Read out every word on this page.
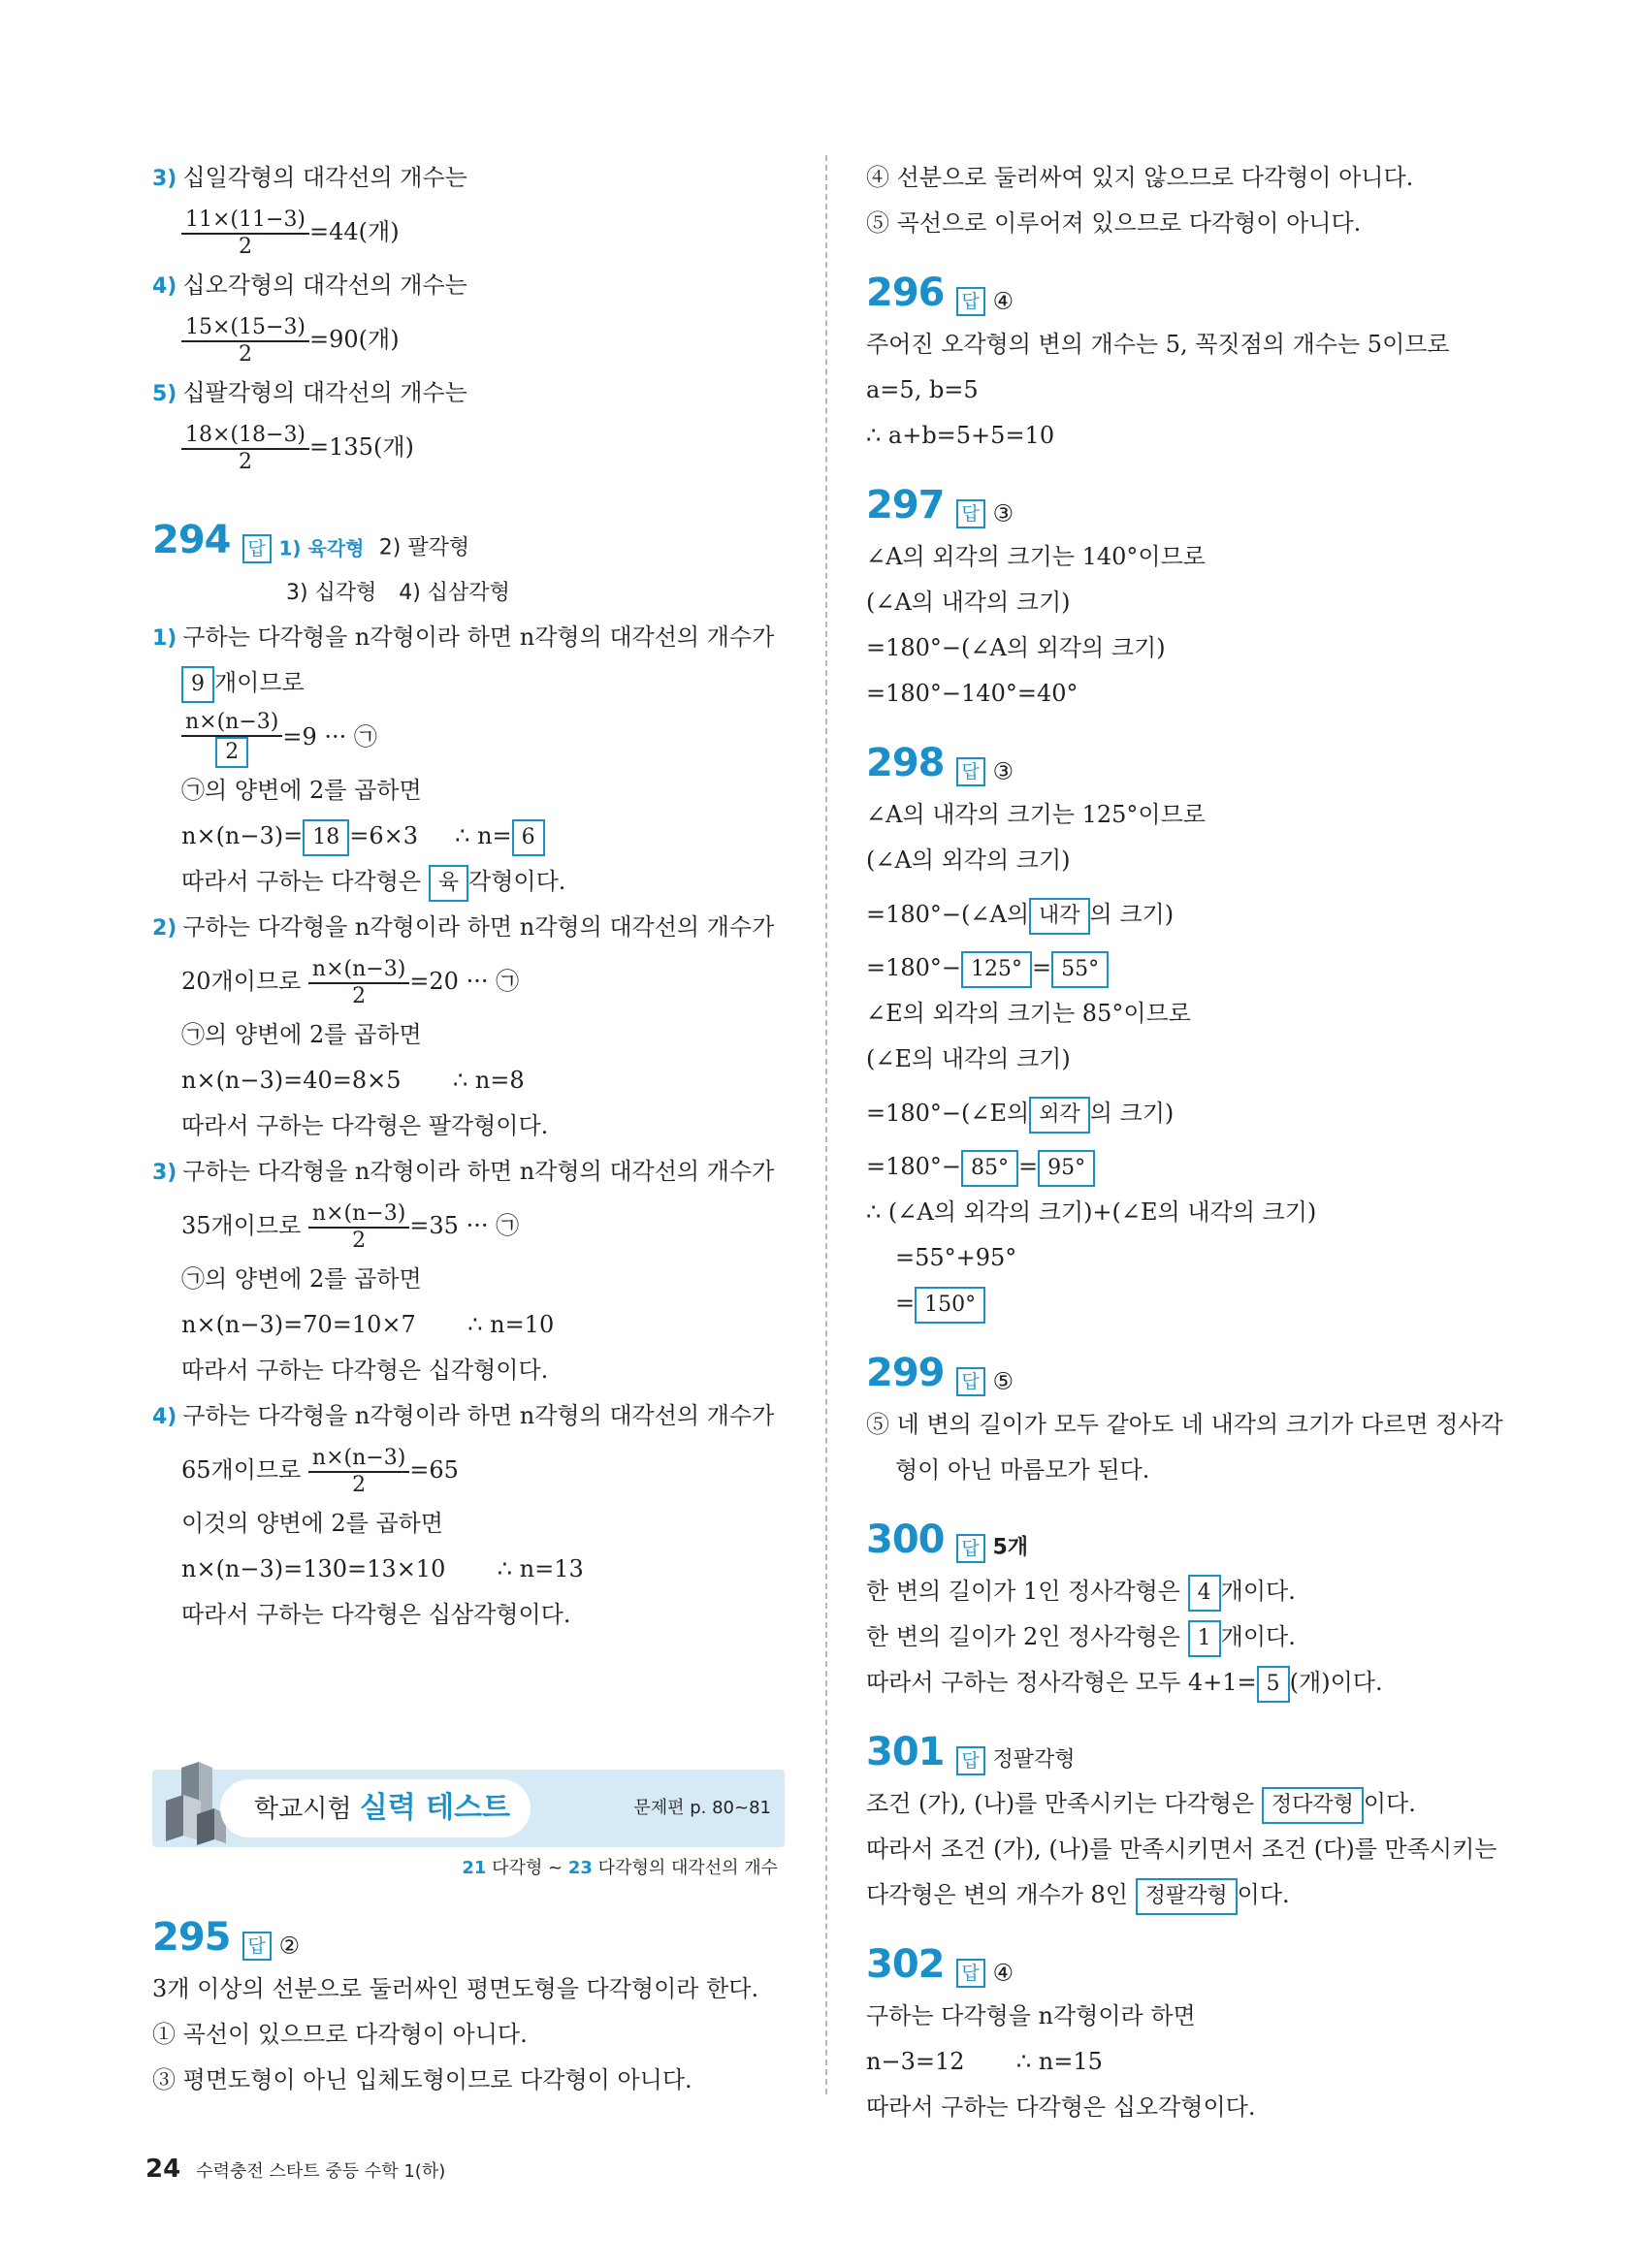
3) 십일각형의 대각선의 개수는
$\frac{11\times(11-3)}{2} =44$(개)
4) 십오각형의 대각선의 개수는
$\frac{15\times(15-3)}{2} =90$(개)
5) 십팔각형의 대각선의 개수는
$\frac{18\times(18-3)}{2} =135$(개)
294 답 1) 육각형 2) 팔각형
3) 십각형 4) 십삼각형
1) 구하는 다각형을 n각형이라 하면 n각형의 대각선의 개수가
9 개이므로
$\frac{n\times(n-3)}{2} =9$ ··· ㉠
㉠의 양변에 2를 곱하면
n×(n−3)= 18 =6×3 ∴ n= 6
따라서 구하는 다각형은 육 각형이다.
2) 구하는 다각형을 n각형이라 하면 n각형의 대각선의 개수가
20개이므로 $\frac{n\times(n-3)}{2} =20$ ··· ㉠
㉠의 양변에 2를 곱하면
n×(n−3)=40=8×5 ∴ n=8
따라서 구하는 다각형은 팔각형이다.
3) 구하는 다각형을 n각형이라 하면 n각형의 대각선의 개수가
35개이므로 $\frac{n\times(n-3)}{2} =35$ ··· ㉠
㉠의 양변에 2를 곱하면
n×(n−3)=70=10×7 ∴ n=10
따라서 구하는 다각형은 십각형이다.
4) 구하는 다각형을 n각형이라 하면 n각형의 대각선의 개수가
65개이므로 $\frac{n\times(n-3)}{2} =65$
이것의 양변에 2를 곱하면
n×(n−3)=130=13×10 ∴ n=13
따라서 구하는 다각형은 십삼각형이다.
학교시험 실력 테스트	문제편 p. 80~81
21 다각형 ~ 23 다각형의 대각선의 개수
295 답 ②
3개 이상의 선분으로 둘러싸인 평면도형을 다각형이라 한다.
① 곡선이 있으므로 다각형이 아니다.
③ 평면도형이 아닌 입체도형이므로 다각형이 아니다.
④ 선분으로 둘러싸여 있지 않으므로 다각형이 아니다.
⑤ 곡선으로 이루어져 있으므로 다각형이 아니다.
296 답 ④
주어진 오각형의 변의 개수는 5, 꼭짓점의 개수는 5이므로
a=5, b=5
∴ a+b=5+5=10
297 답 ③
∠A의 외각의 크기는 140°이므로
(∠A의 내각의 크기)
=180°−(∠A의 외각의 크기)
=180°−140°=40°
298 답 ③
∠A의 내각의 크기는 125°이므로
(∠A의 외각의 크기)
=180°−(∠A의 내각 의 크기)
=180°− 125° = 55°
∠E의 외각의 크기는 85°이므로
(∠E의 내각의 크기)
=180°−(∠E의 외각 의 크기)
=180°− 85° = 95°
∴ (∠A의 외각의 크기)+(∠E의 내각의 크기)
=55°+95°
= 150°
299 답 ⑤
⑤ 네 변의 길이가 모두 같아도 네 내각의 크기가 다르면 정사각
형이 아닌 마름모가 된다.
300 답 5개
한 변의 길이가 1인 정사각형은 4 개이다.
한 변의 길이가 2인 정사각형은 1 개이다.
따라서 구하는 정사각형은 모두 4+1= 5 (개)이다.
301 답 정팔각형
조건 (가), (나)를 만족시키는 다각형은 정다각형 이다.
따라서 조건 (가), (나)를 만족시키면서 조건 (다)를 만족시키는
다각형은 변의 개수가 8인 정팔각형 이다.
302 답 ④
구하는 다각형을 n각형이라 하면
n−3=12 ∴ n=15
따라서 구하는 다각형은 십오각형이다.
24 수력충전 스타트 중등 수학 1(하)
